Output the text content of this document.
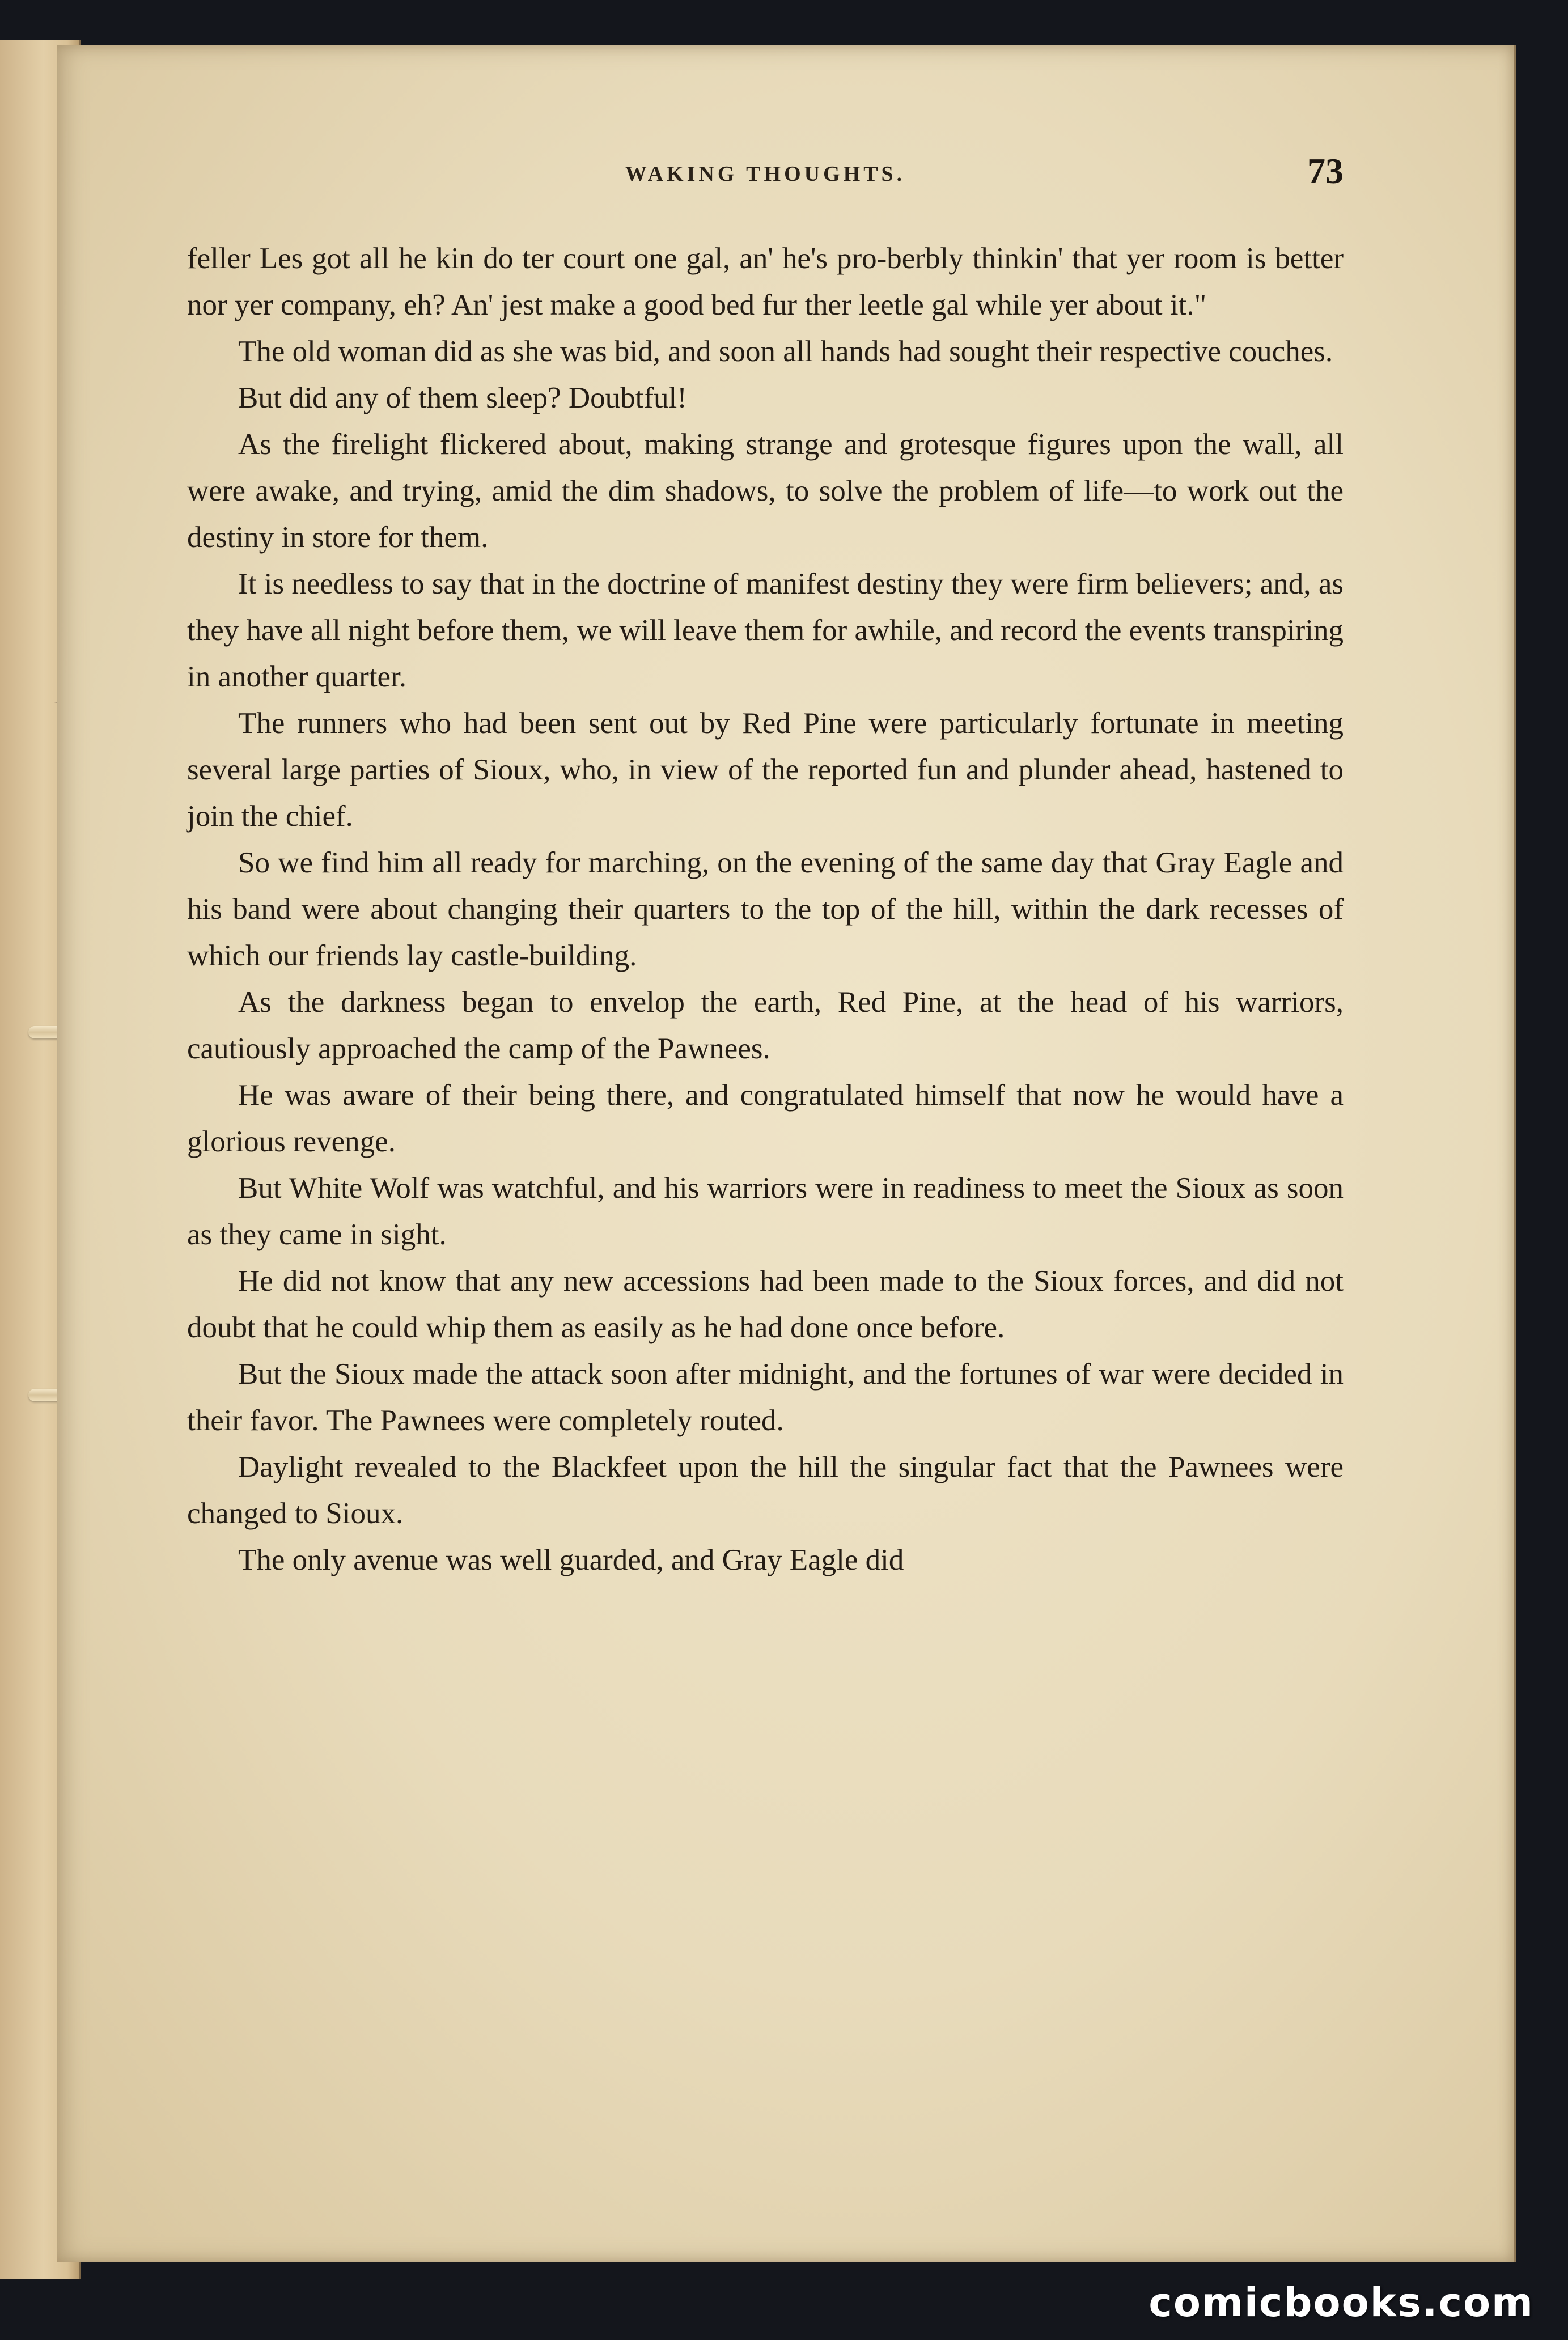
WAKING THOUGHTS.	73

feller Les got all he kin do ter court one gal, an' he's pro-berbly thinkin' that yer room is better nor yer company, eh? An' jest make a good bed fur ther leetle gal while yer about it."

The old woman did as she was bid, and soon all hands had sought their respective couches.

But did any of them sleep? Doubtful!

As the firelight flickered about, making strange and grotesque figures upon the wall, all were awake, and trying, amid the dim shadows, to solve the problem of life—to work out the destiny in store for them.

It is needless to say that in the doctrine of manifest destiny they were firm believers; and, as they have all night before them, we will leave them for awhile, and record the events transpiring in another quarter.

The runners who had been sent out by Red Pine were particularly fortunate in meeting several large parties of Sioux, who, in view of the reported fun and plunder ahead, hastened to join the chief.

So we find him all ready for marching, on the evening of the same day that Gray Eagle and his band were about changing their quarters to the top of the hill, within the dark recesses of which our friends lay castle-building.

As the darkness began to envelop the earth, Red Pine, at the head of his warriors, cautiously approached the camp of the Pawnees.

He was aware of their being there, and congratulated himself that now he would have a glorious revenge.

But White Wolf was watchful, and his warriors were in readiness to meet the Sioux as soon as they came in sight.

He did not know that any new accessions had been made to the Sioux forces, and did not doubt that he could whip them as easily as he had done once before.

But the Sioux made the attack soon after midnight, and the fortunes of war were decided in their favor. The Pawnees were completely routed.

Daylight revealed to the Blackfeet upon the hill the singular fact that the Pawnees were changed to Sioux.

The only avenue was well guarded, and Gray Eagle did

comicbooks.com
